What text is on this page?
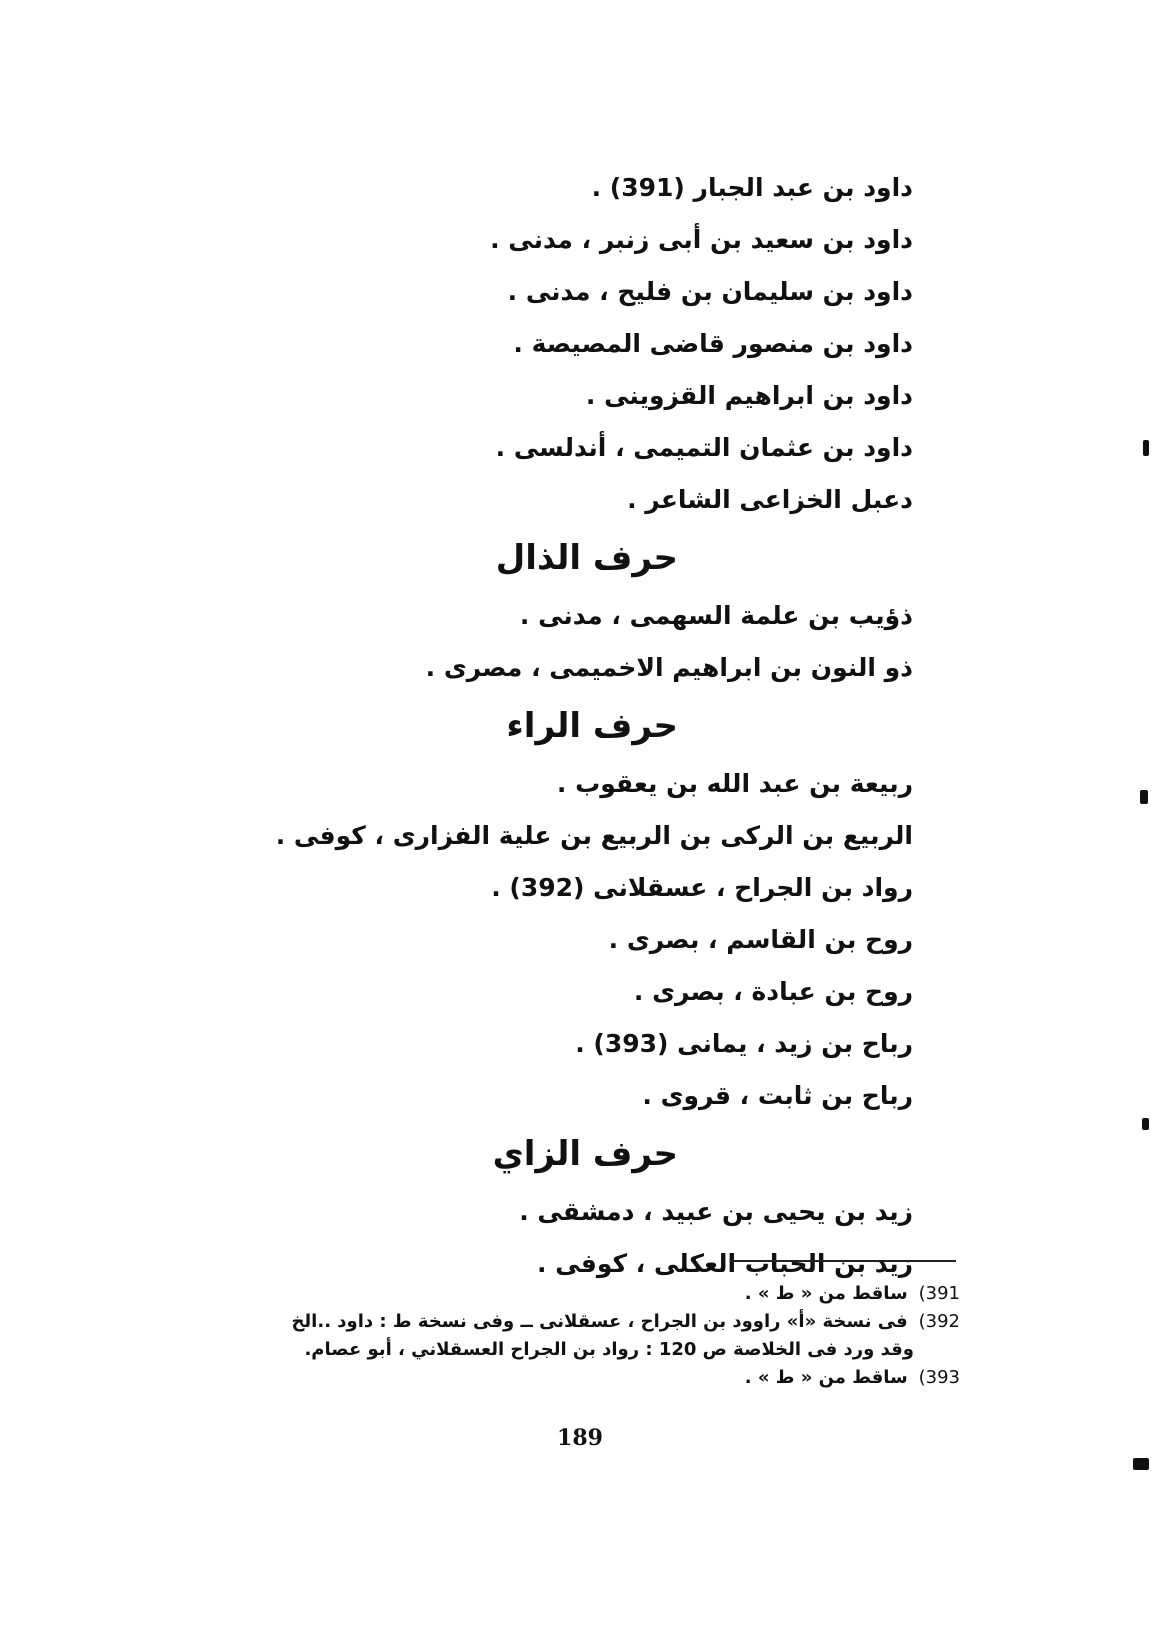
داود بن عبد الجبار (391) .
داود بن سعيد بن أبى زنبر ، مدنى .
داود بن سليمان بن فليح ، مدنى .
داود بن منصور قاضى المصيصة .
داود بن ابراهيم القزوينى .
داود بن عثمان التميمى ، أندلسى .
دعبل الخزاعى الشاعر .
حرف الذال
ذؤيب بن علمة السهمى ، مدنى .
ذو النون بن ابراهيم الاخميمى ، مصرى .
حرف الراء
ربيعة بن عبد الله بن يعقوب .
الربيع بن الركى بن الربيع بن علية الفزارى ، كوفى .
رواد بن الجراح ، عسقلانى (392) .
روح بن القاسم ، بصرى .
روح بن عبادة ، بصرى .
رباح بن زيد ، يمانى (393) .
رباح بن ثابت ، قروى .
حرف الزاي
زيد بن يحيى بن عبيد ، دمشقى .
زيد بن الحباب العكلى ، كوفى .
391) ساقط من « ط » .
392) فى نسخة «أ» راوود بن الجراح ، عسقلانى ــ وفى نسخة ط : داود ..الخ
وقد ورد فى الخلاصة ص 120 : رواد بن الجراح العسقلاني ، أبو عصام.
393) ساقط من « ط » .
189
